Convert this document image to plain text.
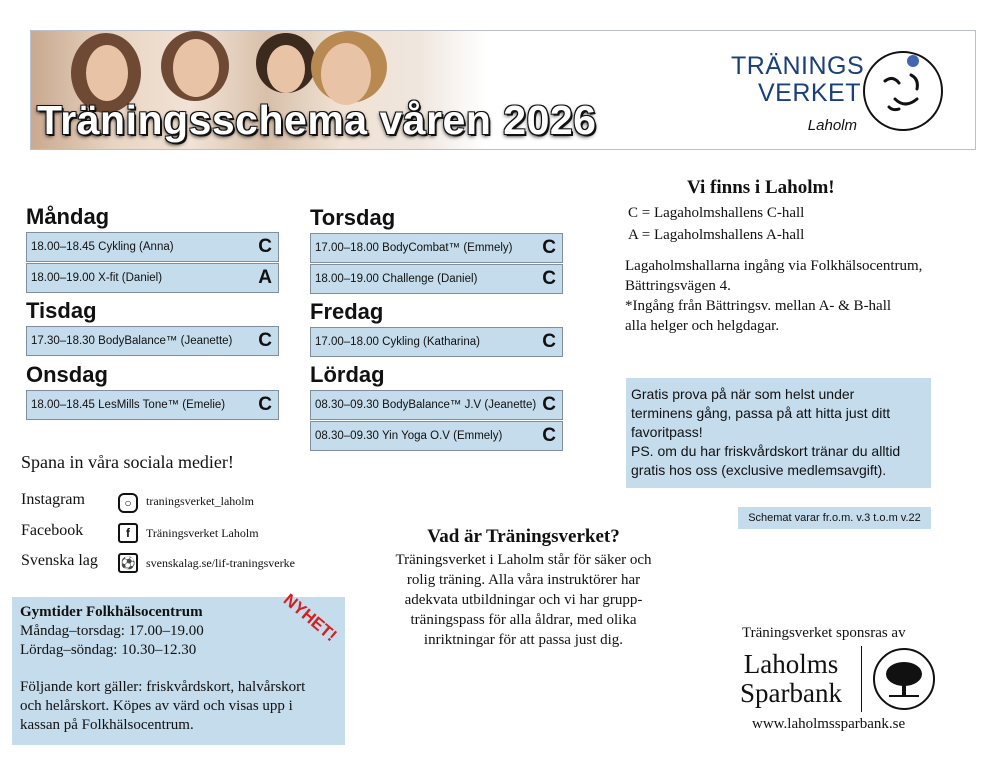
Träningsschema våren 2026
TRÄNINGS
VERKET
Laholm
Måndag
18.00–18.45 Cykling (Anna)	C
18.00–19.00 X-fit (Daniel)	A
Tisdag
17.30–18.30 BodyBalance™ (Jeanette) C
Onsdag
18.00–18.45 LesMills Tone™ (Emelie) C
Torsdag
17.00–18.00 BodyCombat™ (Emmely) C
18.00–19.00 Challenge (Daniel)	C
Fredag
17.00–18.00 Cykling (Katharina)	C
Lördag
08.30–09.30 BodyBalance™ J.V (Jeanette) C
08.30–09.30 Yin Yoga O.V (Emmely) C
Vi finns i Laholm!
C = Lagaholmshallens C-hall
A = Lagaholmshallens A-hall
Lagaholmshallarna ingång via Folkhälsocentrum,
Bättringsvägen 4.
*Ingång från Bättringsv. mellan A- & B-hall
alla helger och helgdagar.
Gratis prova på när som helst under
terminens gång, passa på att hitta just ditt
favoritpass!
PS. om du har friskvårdskort tränar du alltid
gratis hos oss (exclusive medlemsavgift).
Schemat varar fr.o.m. v.3 t.o.m v.22
Spana in våra sociala medier!
Instagram	○	traningsverket_laholm
Facebook	f	Träningsverket Laholm
Svenska lag ⚽ svenskalag.se/lif-traningsverke
Gymtider Folkhälsocentrum
Måndag–torsdag: 17.00–19.00
Lördag–söndag: 10.30–12.30
Följande kort gäller: friskvårdskort, halvårskort
och helårskort. Köpes av värd och visas upp i
kassan på Folkhälsocentrum.
NYHET!
Vad är Träningsverket?
Träningsverket i Laholm står för säker och
rolig träning. Alla våra instruktörer har
adekvata utbildningar och vi har grupp-
träningspass för alla åldrar, med olika
inriktningar för att passa just dig.	Träningsverket sponsras av
Laholms
Sparbank
www.laholmssparbank.se
